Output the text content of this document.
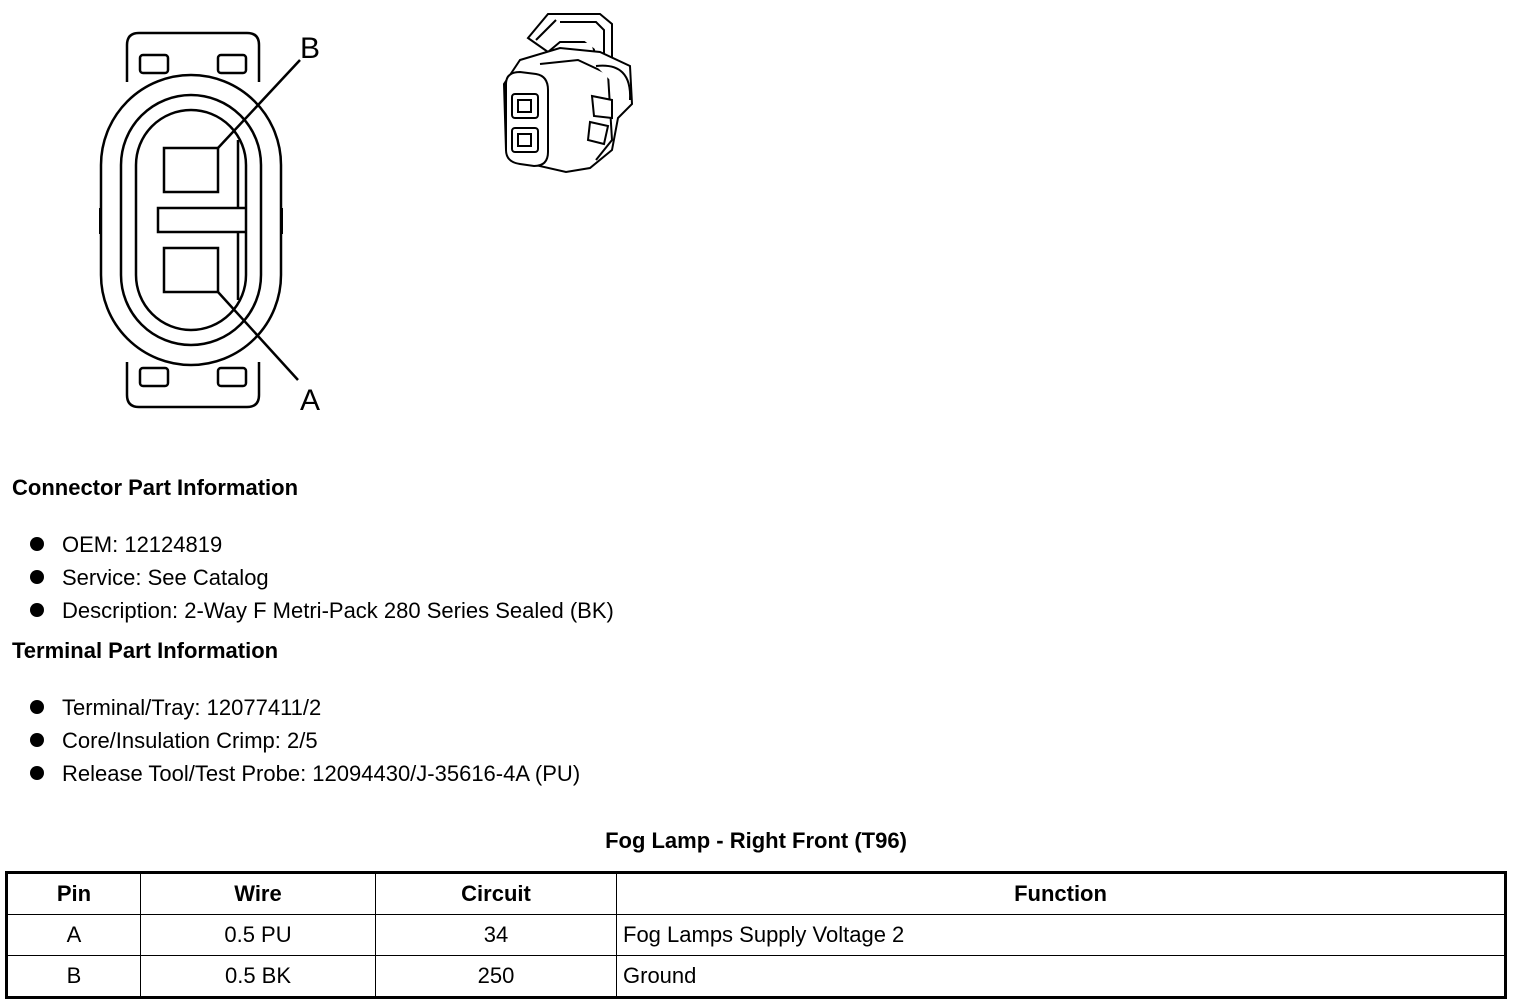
B
A
Connector Part Information
OEM: 12124819
Service: See Catalog
Description: 2-Way F Metri-Pack 280 Series Sealed (BK)
Terminal Part Information
Terminal/Tray: 12077411/2
Core/Insulation Crimp: 2/5
Release Tool/Test Probe: 12094430/J-35616-4A (PU)
Fog Lamp - Right Front (T96)
Pin	Wire	Circuit	Function
A	0.5 PU	34	Fog Lamps Supply Voltage 2
B	0.5 BK	250	Ground
